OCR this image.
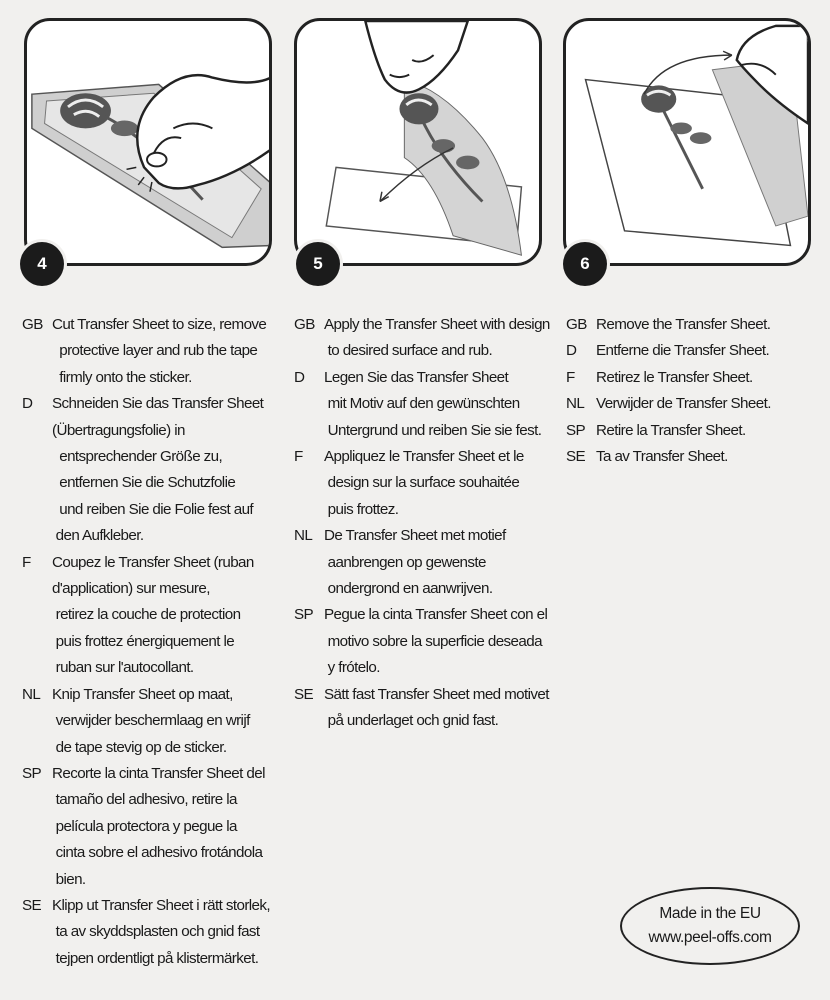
4	5	6
GB Cut Transfer Sheet to size, remove
protective layer and rub the tape
firmly onto the sticker.
D	Schneiden Sie das Transfer Sheet
(Übertragungsfolie) in
entsprechender Größe zu,
entfernen Sie die Schutzfolie
und reiben Sie die Folie fest auf
den Aufkleber.
F	Coupez le Transfer Sheet (ruban
d'application) sur mesure,
retirez la couche de protection
puis frottez énergiquement le
ruban sur l'autocollant.
NL Knip Transfer Sheet op maat,
verwijder beschermlaag en wrijf
de tape stevig op de sticker.
SP Recorte la cinta Transfer Sheet del
tamaño del adhesivo, retire la
película protectora y pegue la
cinta sobre el adhesivo frotándola
bien.
SE Klipp ut Transfer Sheet i rätt storlek,
ta av skyddsplasten och gnid fast
tejpen ordentligt på klistermärket.
GB Apply the Transfer Sheet with design
to desired surface and rub.
D	Legen Sie das Transfer Sheet
mit Motiv auf den gewünschten
Untergrund und reiben Sie sie fest.
F	Appliquez le Transfer Sheet et le
design sur la surface souhaitée
puis frottez.
NL De Transfer Sheet met motief
aanbrengen op gewenste
ondergrond en aanwrijven.
SP Pegue la cinta Transfer Sheet con el
motivo sobre la superficie deseada
y frótelo.
SE Sätt fast Transfer Sheet med motivet
på underlaget och gnid fast.
GB Remove the Transfer Sheet.
D	Entferne die Transfer Sheet.
F	Retirez le Transfer Sheet.
NL Verwijder de Transfer Sheet.
SP Retire la Transfer Sheet.
SE Ta av Transfer Sheet.
Made in the EU
www.peel-offs.com
